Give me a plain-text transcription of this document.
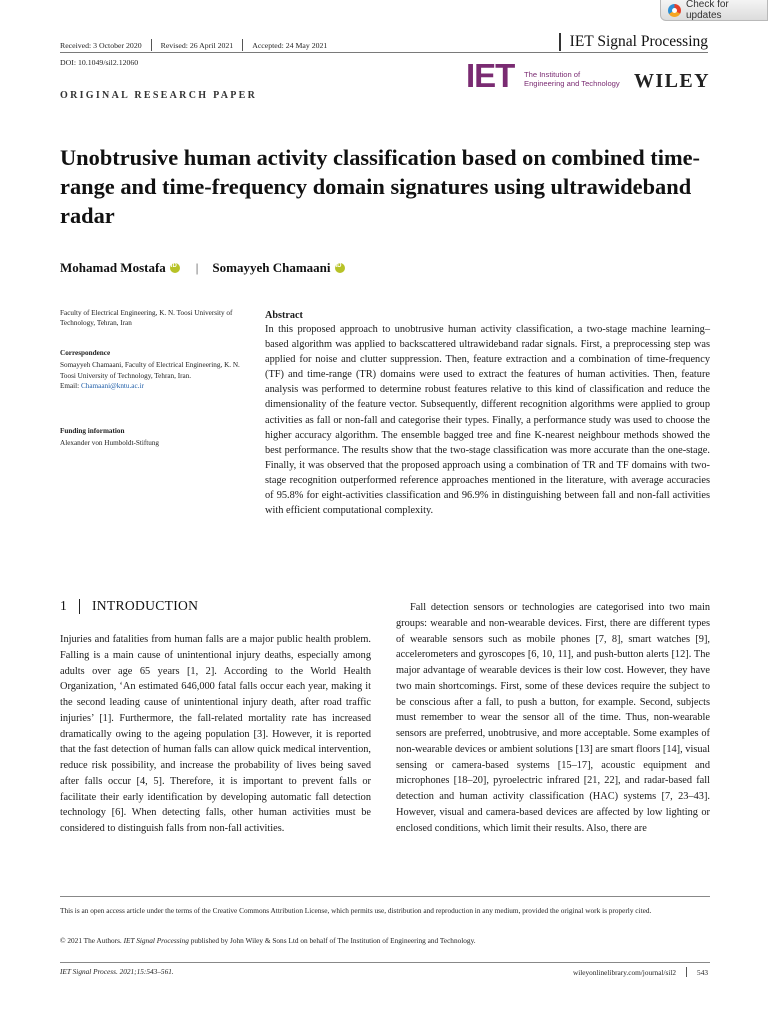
Check for updates
Received: 3 October 2020 Revised: 26 April 2021 Accepted: 24 May 2021	IET Signal Processing
DOI: 10.1049/sil2.12060	IET The Institution of
Engineering and Technology WILEY
ORIGINAL RESEARCH PAPER
Unobtrusive human activity classification based on combined time-range and time-frequency domain signatures using ultrawideband radar
Mohamad Mostafa
iD | Somayyeh Chamaani
iD
Faculty of Electrical Engineering, K. N. Toosi University of Technology, Tehran, Iran
Correspondence
Somayyeh Chamaani, Faculty of Electrical Engineering, K. N. Toosi University of Technology, Tehran, Iran.
Email: Chamaani@kntu.ac.ir
Funding information
Alexander von Humboldt-Stiftung
Abstract
In this proposed approach to unobtrusive human activity classification, a two-stage machine learning–based algorithm was applied to backscattered ultrawideband radar signals. First, a preprocessing step was applied for noise and clutter suppression. Then, feature extraction and a combination of time-frequency (TF) and time-range (TR) domains were used to extract the features of human activities. Then, feature analysis was performed to determine robust features relative to this kind of classification and reduce the dimensionality of the feature vector. Subsequently, different recognition algorithms were applied to group activities as fall or non-fall and categorise their types. Finally, a performance study was used to choose the higher accuracy algorithm. The ensemble bagged tree and fine K-nearest neighbour methods showed the best performance. The results show that the two-stage classification was more accurate than the one-stage. Finally, it was observed that the proposed approach using a combination of TR and TF domains with two-stage recognition outperformed reference approaches mentioned in the literature, with average accuracies of 95.8% for eight-activities classification and 96.9% in distinguishing between fall and non-fall activities with efficient computational complexity.
1 INTRODUCTION

Injuries and fatalities from human falls are a major public health problem. Falling is a main cause of unintentional injury deaths, especially among adults over age 65 years [1, 2]. According to the World Health Organization, ‘An estimated 646,000 fatal falls occur each year, making it the second leading cause of unintentional injury death, after road traffic injuries’ [1]. Furthermore, the fall-related mortality rate has increased dramatically owing to the ageing population [3]. However, it is reported that the fast detection of human falls can allow quick medical intervention, reduce risk possibility, and increase the probability of lives being saved after falls occur [4, 5]. Therefore, it is important to prevent falls or facilitate their early identification by developing automatic fall detection technology [6]. When detecting falls, other human activities must be considered to distinguish falls from non-fall activities.

Fall detection sensors or technologies are categorised into two main groups: wearable and non-wearable devices. First, there are different types of wearable sensors such as mobile phones [7, 8], smart watches [9], accelerometers and gyroscopes [6, 10, 11], and push-button alerts [12]. The major advantage of wearable devices is their low cost. However, they have two main shortcomings. First, some of these devices require the subject to be conscious after a fall, to push a button, for example. Second, subjects must remember to wear the sensor all of the time. Thus, non-wearable sensors are preferred, unobtrusive, and more acceptable. Some examples of non-wearable devices or ambient solutions [13] are smart floors [14], visual sensing or camera-based systems [15–17], acoustic equipment and microphones [18–20], pyroelectric infrared [21, 22], and radar-based fall detection and human activity classification (HAC) systems [7, 23–43]. However, visual and camera-based devices are affected by low lighting or enclosed conditions, which limit their results. Also, there are

This is an open access article under the terms of the Creative Commons Attribution License, which permits use, distribution and reproduction in any medium, provided the original work is properly cited.
© 2021 The Authors. IET Signal Processing published by John Wiley & Sons Ltd on behalf of The Institution of Engineering and Technology.
IET Signal Process. 2021;15:543–561.	wileyonlinelibrary.com/journal/sil2	543
